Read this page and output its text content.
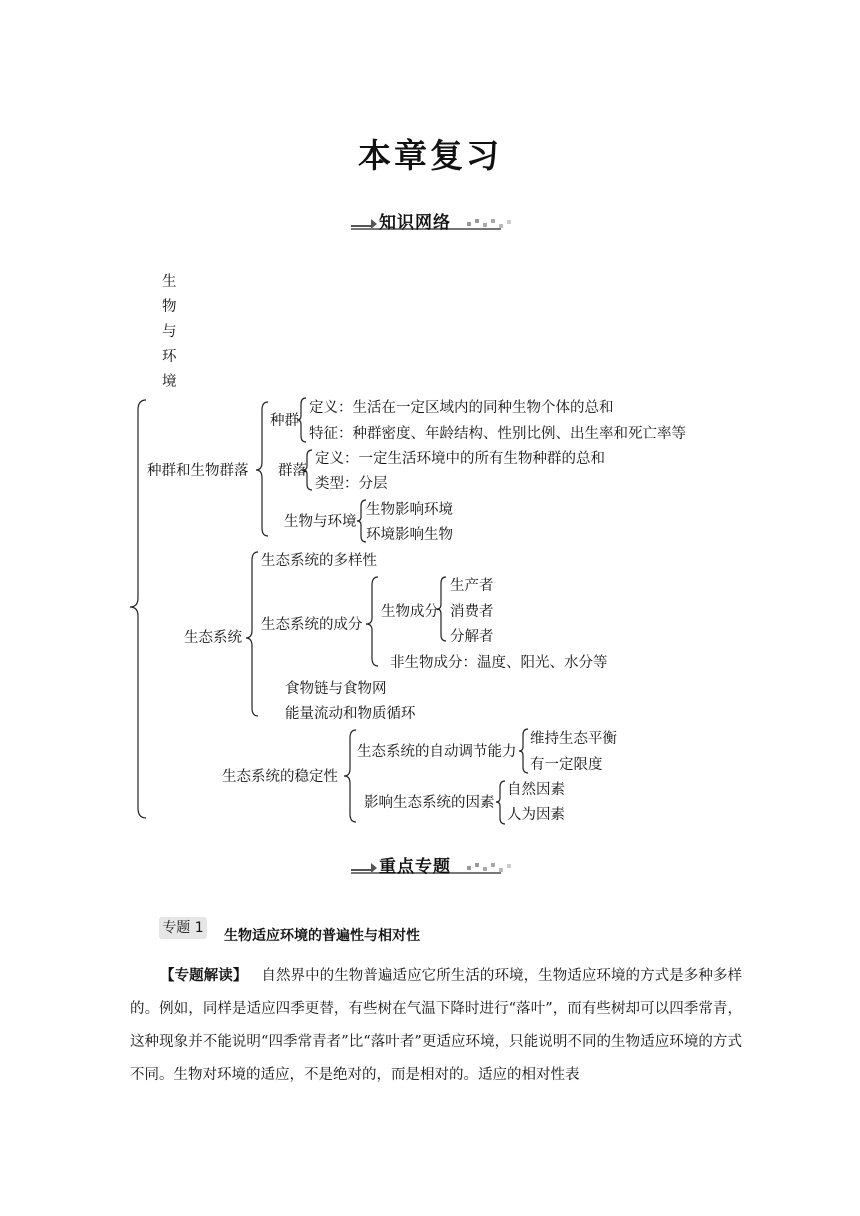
本章复习
知识网络
生
物
与
环
境
种群和生物群落
种群
定义：生活在一定区域内的同种生物个体的总和
特征：种群密度、年龄结构、性别比例、出生率和死亡率等
群落
定义：一定生活环境中的所有生物种群的总和
类型：分层
生物与环境
生物影响环境
环境影响生物
生态系统
生态系统的多样性
生态系统的成分
生物成分
生产者
消费者
分解者
非生物成分：温度、阳光、水分等
食物链与食物网
能量流动和物质循环
生态系统的稳定性
生态系统的自动调节能力
维持生态平衡
有一定限度
影响生态系统的因素
自然因素
人为因素
重点专题
专题 1 生物适应环境的普遍性与相对性
【专题解读】 自然界中的生物普遍适应它所生活的环境，生物适应环境的方式是多种多样的。例如，同样是适应四季更替，有些树在气温下降时进行“落叶”，而有些树却可以四季常青，这种现象并不能说明“四季常青者”比“落叶者”更适应环境，只能说明不同的生物适应环境的方式不同。生物对环境的适应，不是绝对的，而是相对的。适应的相对性表
